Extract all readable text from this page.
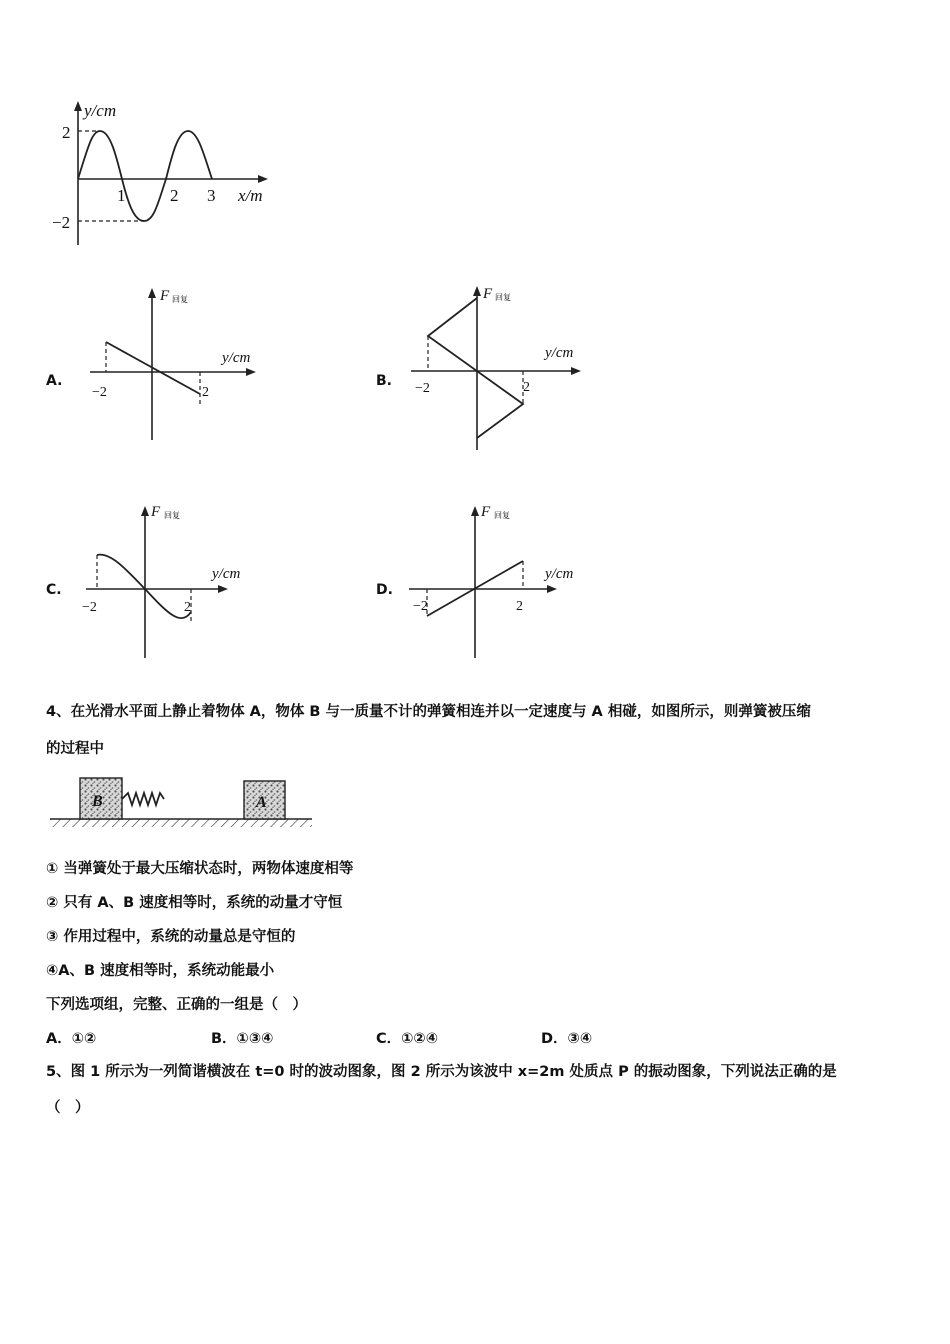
y/cm
2
−2
1	2 3 x/m
A.
F 回复
y/cm
−2	2
B.
F 回复
y/cm
−2	2
C.
F 回复
y/cm
−2	2
D.
F 回复
y/cm
−2	2
4、在光滑水平面上静止着物体 A，物体 B 与一质量不计的弹簧相连并以一定速度与 A 相碰，如图所示，则弹簧被压缩
的过程中
B	A
① 当弹簧处于最大压缩状态时，两物体速度相等
② 只有 A、B 速度相等时，系统的动量才守恒
③ 作用过程中，系统的动量总是守恒的
④A、B 速度相等时，系统动能最小
下列选项组，完整、正确的一组是（　）
A．①②	B．①③④	C．①②④	D．③④
5、图 1 所示为一列简谐横波在 t=0 时的波动图象，图 2 所示为该波中 x=2m 处质点 P 的振动图象，下列说法正确的是
（　）
